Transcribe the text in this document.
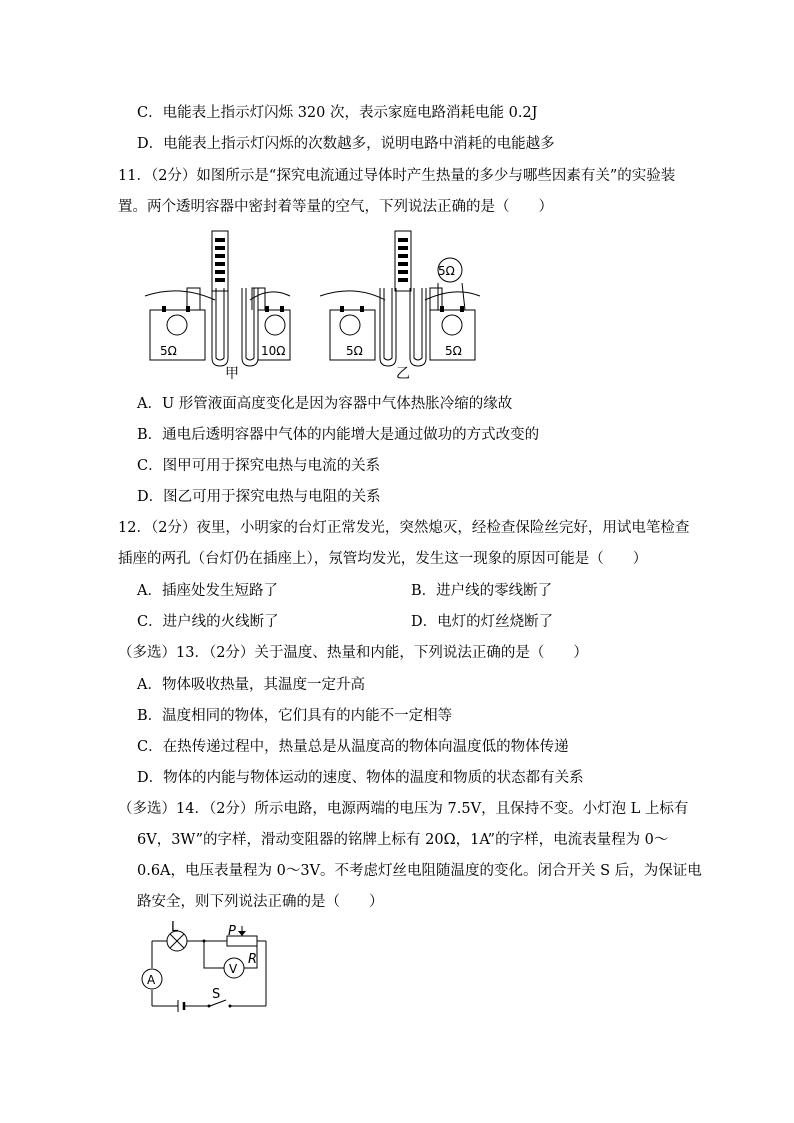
C．电能表上指示灯闪烁 320 次，表示家庭电路消耗电能 0.2J
D．电能表上指示灯闪烁的次数越多，说明电路中消耗的电能越多
11．（2分）如图所示是“探究电流通过导体时产生热量的多少与哪些因素有关”的实验装
置。两个透明容器中密封着等量的空气，下列说法正确的是（　　）
5Ω	10Ω
甲
5Ω
5Ω	5Ω
乙
A．U 形管液面高度变化是因为容器中气体热胀冷缩的缘故
B．通电后透明容器中气体的内能增大是通过做功的方式改变的
C．图甲可用于探究电热与电流的关系
D．图乙可用于探究电热与电阻的关系
12．（2分）夜里，小明家的台灯正常发光，突然熄灭，经检查保险丝完好，用试电笔检查
插座的两孔（台灯仍在插座上），氖管均发光，发生这一现象的原因可能是（　　）
A．插座处发生短路了	B．进户线的零线断了
C．进户线的火线断了	D．电灯的灯丝烧断了
（多选）13．（2分）关于温度、热量和内能，下列说法正确的是（　　）
A．物体吸收热量，其温度一定升高
B．温度相同的物体，它们具有的内能不一定相等
C．在热传递过程中，热量总是从温度高的物体向温度低的物体传递
D．物体的内能与物体运动的速度、物体的温度和物质的状态都有关系
（多选）14．（2分）所示电路，电源两端的电压为 7.5V，且保持不变。小灯泡 L 上标有
6V，3W”的字样，滑动变阻器的铭牌上标有 20Ω，1A”的字样，电流表量程为 0～
0.6A，电压表量程为 0～3V。不考虑灯丝电阻随温度的变化。闭合开关 S 后，为保证电
路安全，则下列说法正确的是（　　）
L	P
R
V
A
S
